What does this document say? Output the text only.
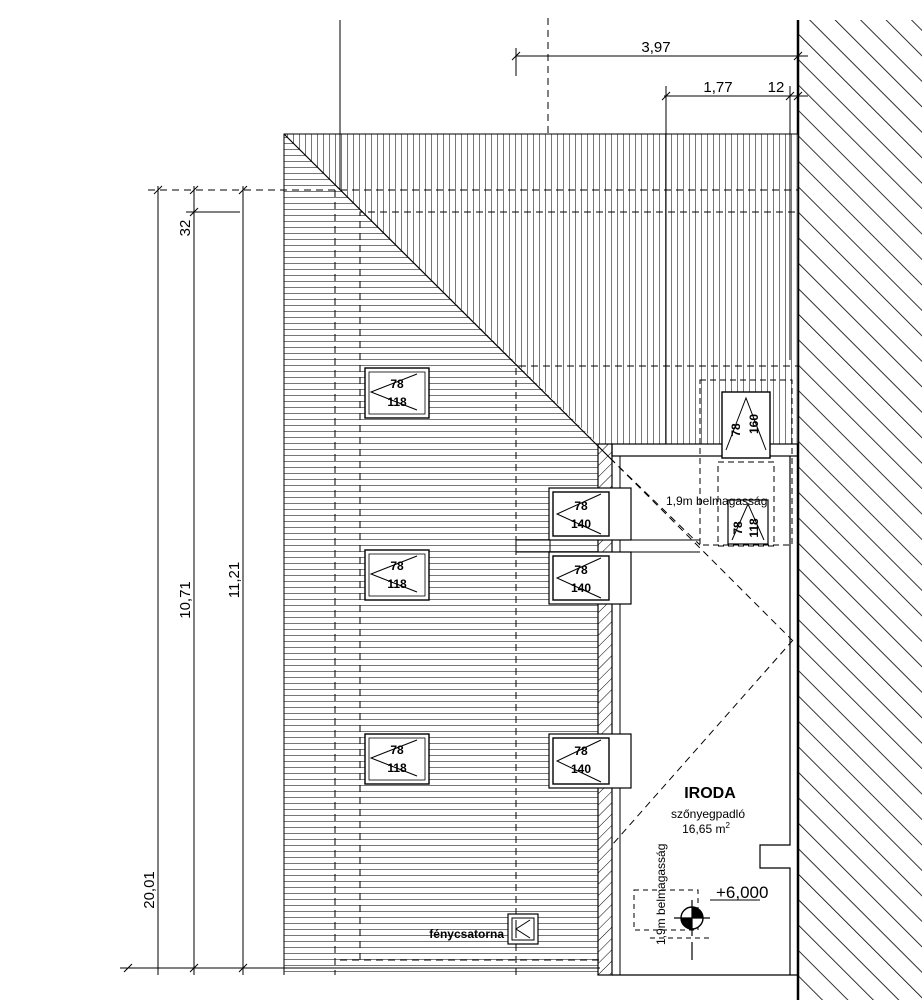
78
118
78
118
78
118
78
140
78
140
78
140
78 160
78 118
fénycsatorna
IRODA
szőnyegpadló
16,65 $m^2$
1,9m belmagasság
1,9m belmagasság	+6,000
3,97
1,77 12
32
20,01
10,71
11,21
